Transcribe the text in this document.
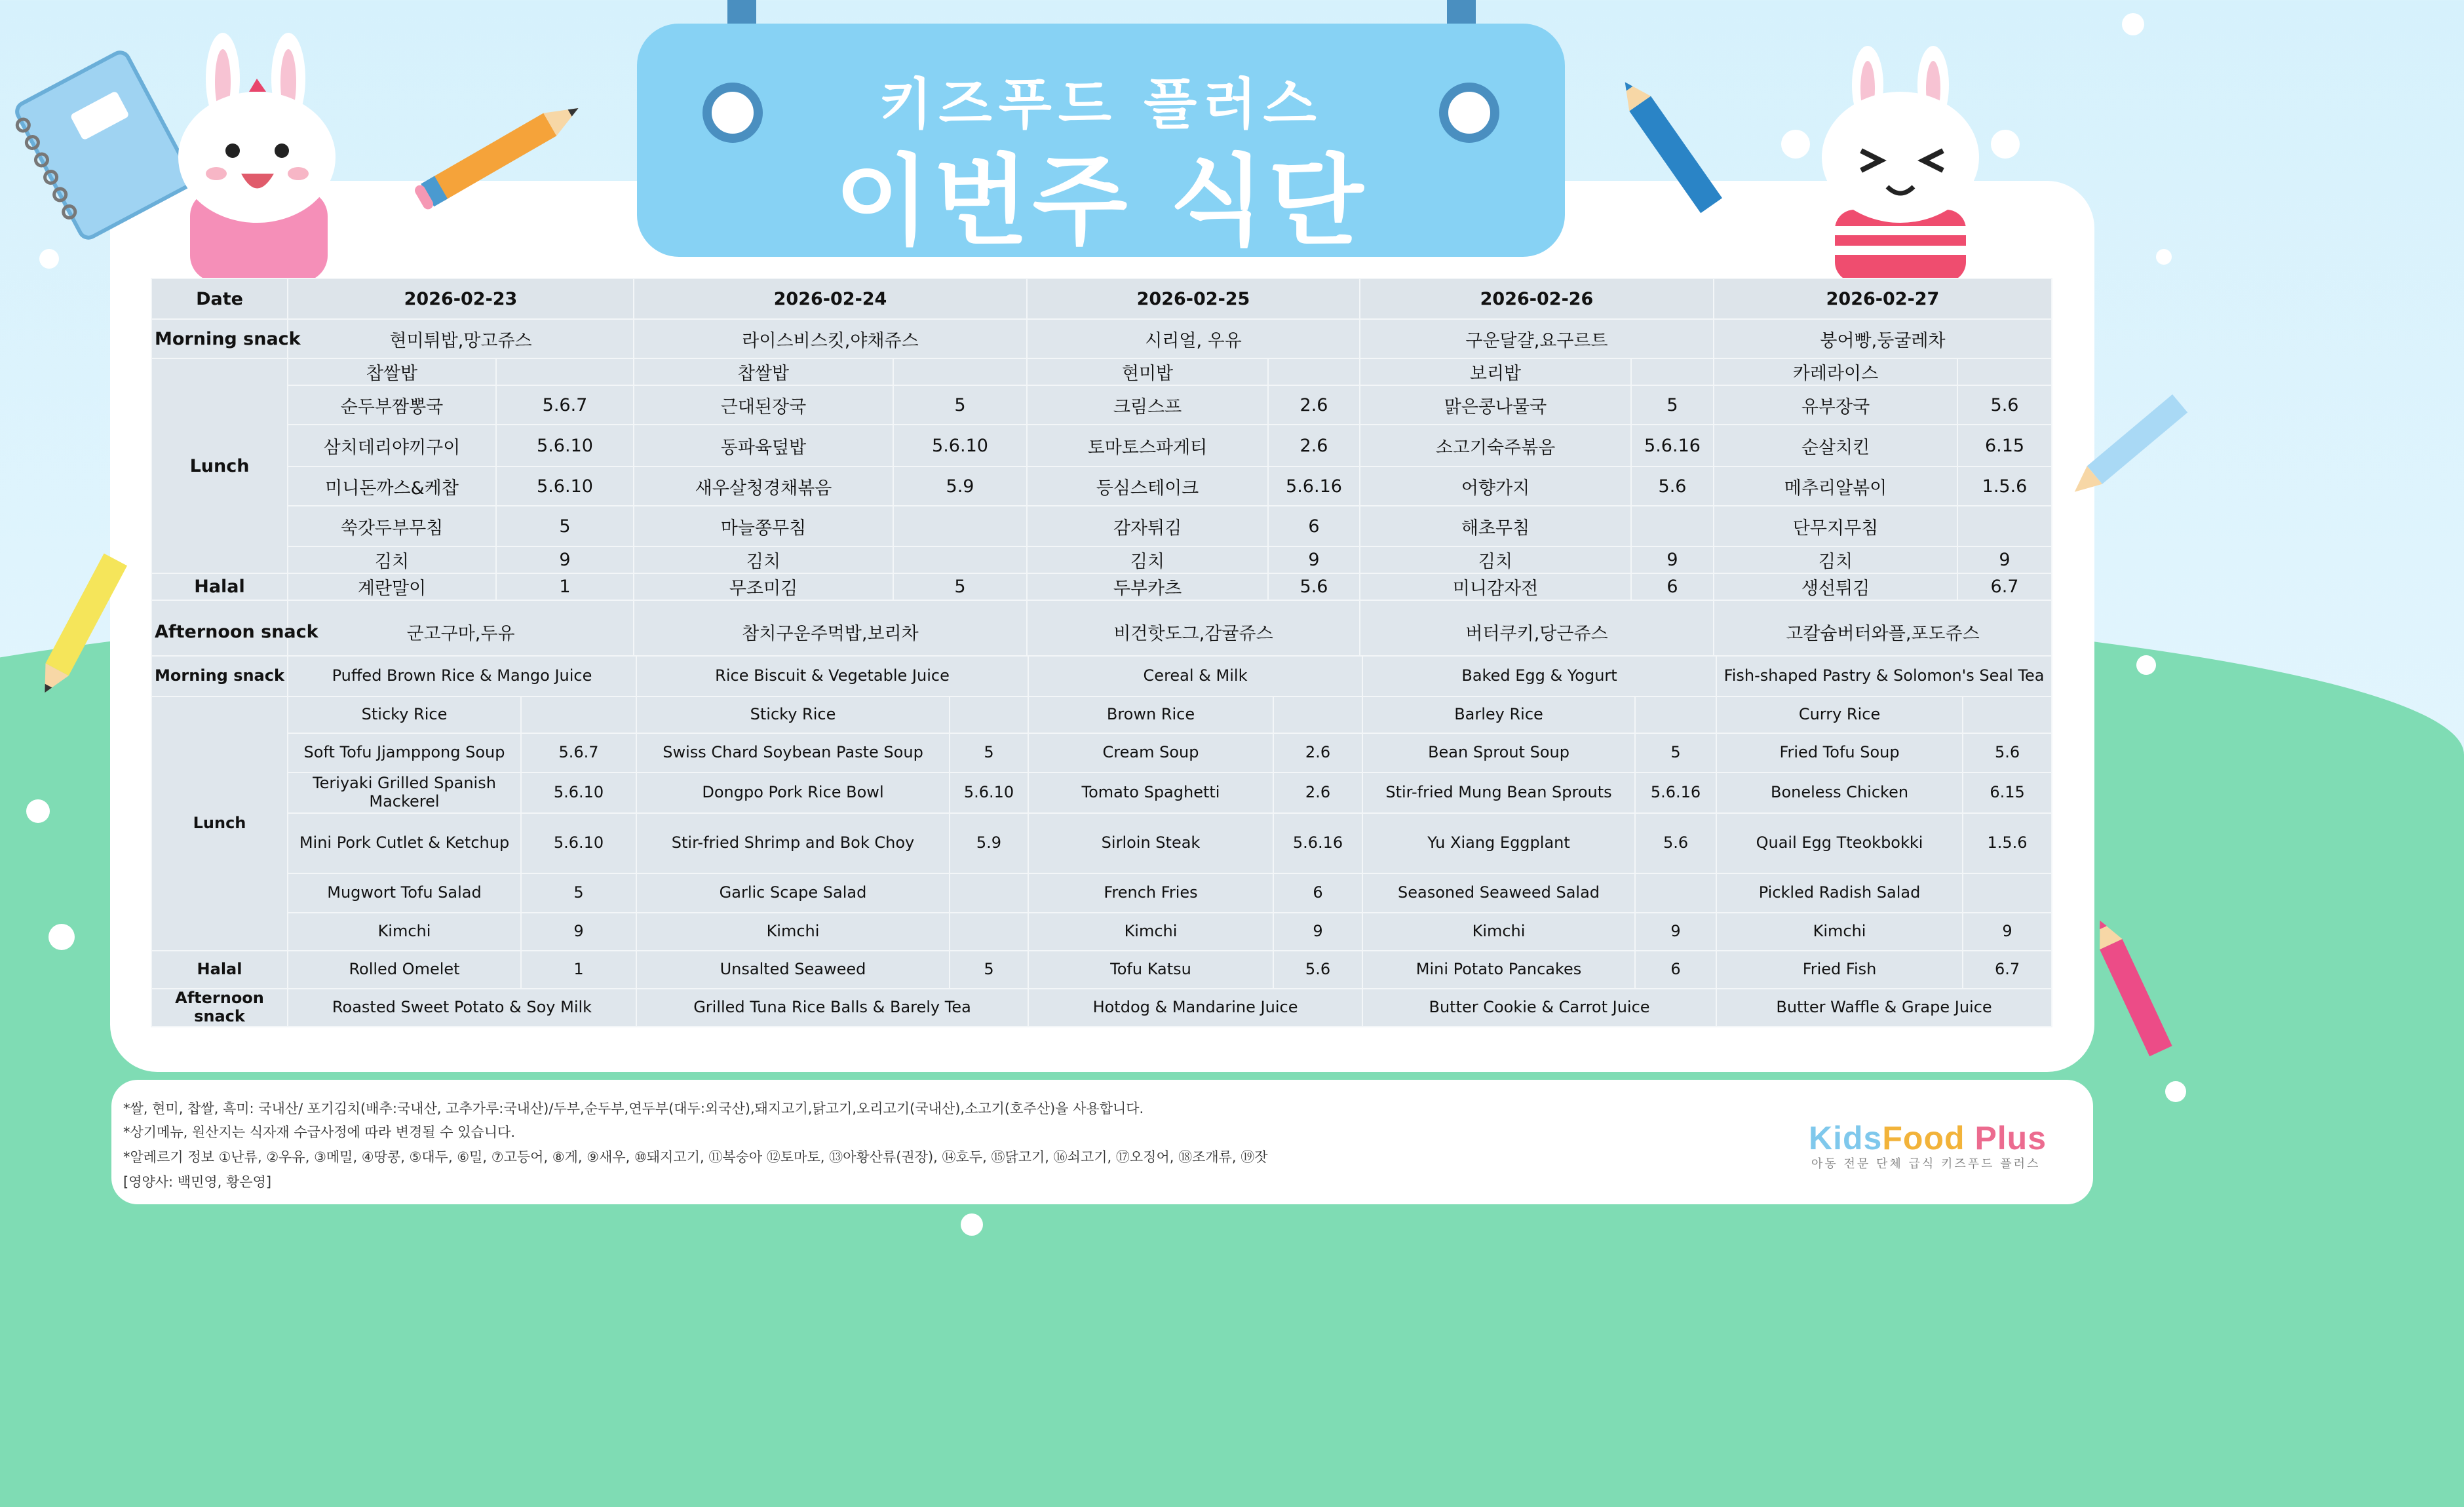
키즈푸드 플러스
이번주 식단
Date	2026-02-23		2026-02-24		2026-02-25		2026-02-26		2026-02-27	
Morning snack	현미튀밥,망고쥬스		라이스비스킷,야채쥬스		시리얼, 우유		구운달걀,요구르트		붕어빵,둥굴레차	
Lunch	찹쌀밥		찹쌀밥		현미밥		보리밥		카레라이스	
	순두부짬뽕국	5.6.7	근대된장국	5	크림스프	2.6	맑은콩나물국	5	유부장국	5.6
	삼치데리야끼구이	5.6.10	동파육덮밥	5.6.10	토마토스파게티	2.6	소고기숙주볶음	5.6.16	순살치킨	6.15
	미니돈까스&케찹	5.6.10	새우살청경채볶음	5.9	등심스테이크	5.6.16	어향가지	5.6	메추리알볶이	1.5.6
	쑥갓두부무침	5	마늘쫑무침		감자튀김	6	해초무침		단무지무침	
	김치	9	김치		김치	9	김치	9	김치	9
Halal	계란말이	1	무조미김	5	두부카츠	5.6	미니감자전	6	생선튀김	6.7
Afternoon snack	군고구마,두유		참치구운주먹밥,보리차		비건핫도그,감귤쥬스		버터쿠키,당근쥬스		고칼슘버터와플,포도쥬스	
Morning snack	Puffed Brown Rice & Mango Juice		Rice Biscuit & Vegetable Juice		Cereal & Milk		Baked Egg & Yogurt		Fish-shaped Pastry & Solomon's Seal Tea	
Lunch	Sticky Rice		Sticky Rice		Brown Rice		Barley Rice		Curry Rice	
	Soft Tofu Jjamppong Soup	5.6.7	Swiss Chard Soybean Paste Soup	5	Cream Soup	2.6	Bean Sprout Soup	5	Fried Tofu Soup	5.6
	Teriyaki Grilled Spanish Mackerel	5.6.10	Dongpo Pork Rice Bowl	5.6.10	Tomato Spaghetti	2.6	Stir-fried Mung Bean Sprouts	5.6.16	Boneless Chicken	6.15
	Mini Pork Cutlet & Ketchup	5.6.10	Stir-fried Shrimp and Bok Choy	5.9	Sirloin Steak	5.6.16	Yu Xiang Eggplant	5.6	Quail Egg Tteokbokki	1.5.6
	Mugwort Tofu Salad	5	Garlic Scape Salad		French Fries	6	Seasoned Seaweed Salad		Pickled Radish Salad	
	Kimchi	9	Kimchi		Kimchi	9	Kimchi	9	Kimchi	9
Halal	Rolled Omelet	1	Unsalted Seaweed	5	Tofu Katsu	5.6	Mini Potato Pancakes	6	Fried Fish	6.7
Afternoon snack	Roasted Sweet Potato & Soy Milk		Grilled Tuna Rice Balls & Barely Tea		Hotdog & Mandarine Juice		Butter Cookie & Carrot Juice		Butter Waffle & Grape Juice	
*쌀, 현미, 찹쌀, 흑미: 국내산/ 포기김치(배추:국내산, 고추가루:국내산)/두부,순두부,연두부(대두:외국산),돼지고기,닭고기,오리고기(국내산),소고기(호주산)을 사용합니다.
*상기메뉴, 원산지는 식자재 수급사정에 따라 변경될 수 있습니다.
*알레르기 정보 ①난류, ②우유, ③메밀, ④땅콩, ⑤대두, ⑥밀, ⑦고등어, ⑧게, ⑨새우, ⑩돼지고기, ⑪복숭아 ⑫토마토, ⑬아황산류(권장), ⑭호두, ⑮닭고기, ⑯쇠고기, ⑰오징어, ⑱조개류, ⑲잣
[영양사: 백민영, 황은영]
KidsFood Plus
아동 전문 단체 급식 키즈푸드 플러스
